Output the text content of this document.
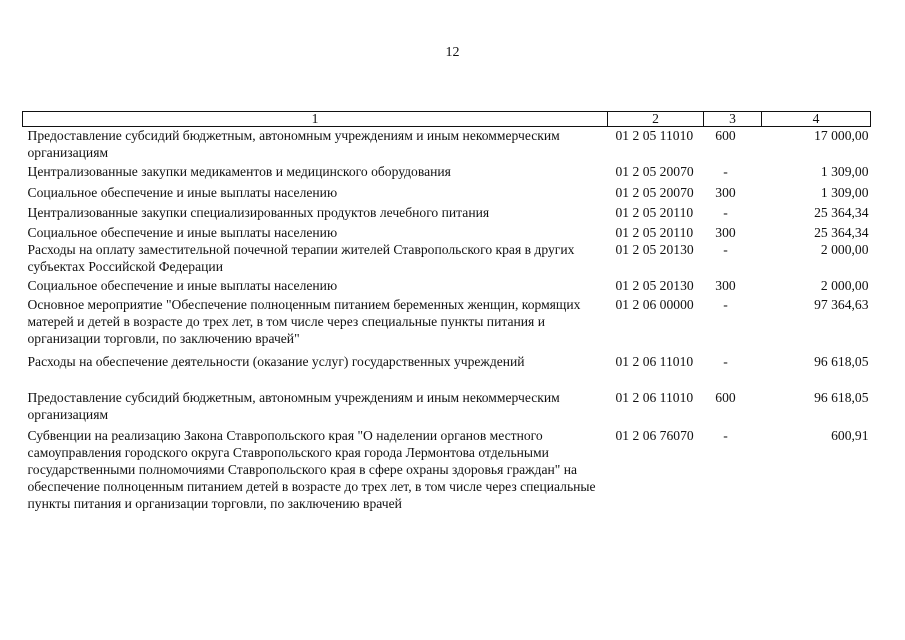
12
1	2	3	4
Предоставление субсидий бюджетным, автономным учреждениям и иным некоммерческим организациям	01 2 05 11010	600	17 000,00
Централизованные закупки медикаментов и медицинского оборудования	01 2 05 20070	-	1 309,00
Социальное обеспечение и иные выплаты населению	01 2 05 20070	300	1 309,00
Централизованные закупки специализированных продуктов лечебного питания	01 2 05 20110	-	25 364,34
Социальное обеспечение и иные выплаты населению	01 2 05 20110	300	25 364,34
Расходы на оплату заместительной почечной терапии жителей Ставропольского края в других субъектах Российской Федерации	01 2 05 20130	-	2 000,00
Социальное обеспечение и иные выплаты населению	01 2 05 20130	300	2 000,00
Основное мероприятие "Обеспечение полноценным питанием беременных женщин, кормящих матерей и детей в возрасте до трех лет, в том числе через специальные пункты питания и организации торговли, по заключению врачей"	01 2 06 00000	-	97 364,63
Расходы на обеспечение деятельности (оказание услуг) государственных учреждений	01 2 06 11010	-	96 618,05
Предоставление субсидий бюджетным, автономным учреждениям и иным некоммерческим организациям	01 2 06 11010	600	96 618,05
Субвенции на реализацию Закона Ставропольского края "О наделении органов местного самоуправления городского округа Ставропольского края города Лермонтова отдельными государственными полномочиями Ставропольского края в сфере охраны здоровья граждан" на обеспечение полноценным питанием детей в возрасте до трех лет, в том числе через специальные пункты питания и организации торговли, по заключению врачей	01 2 06 76070	-	600,91
